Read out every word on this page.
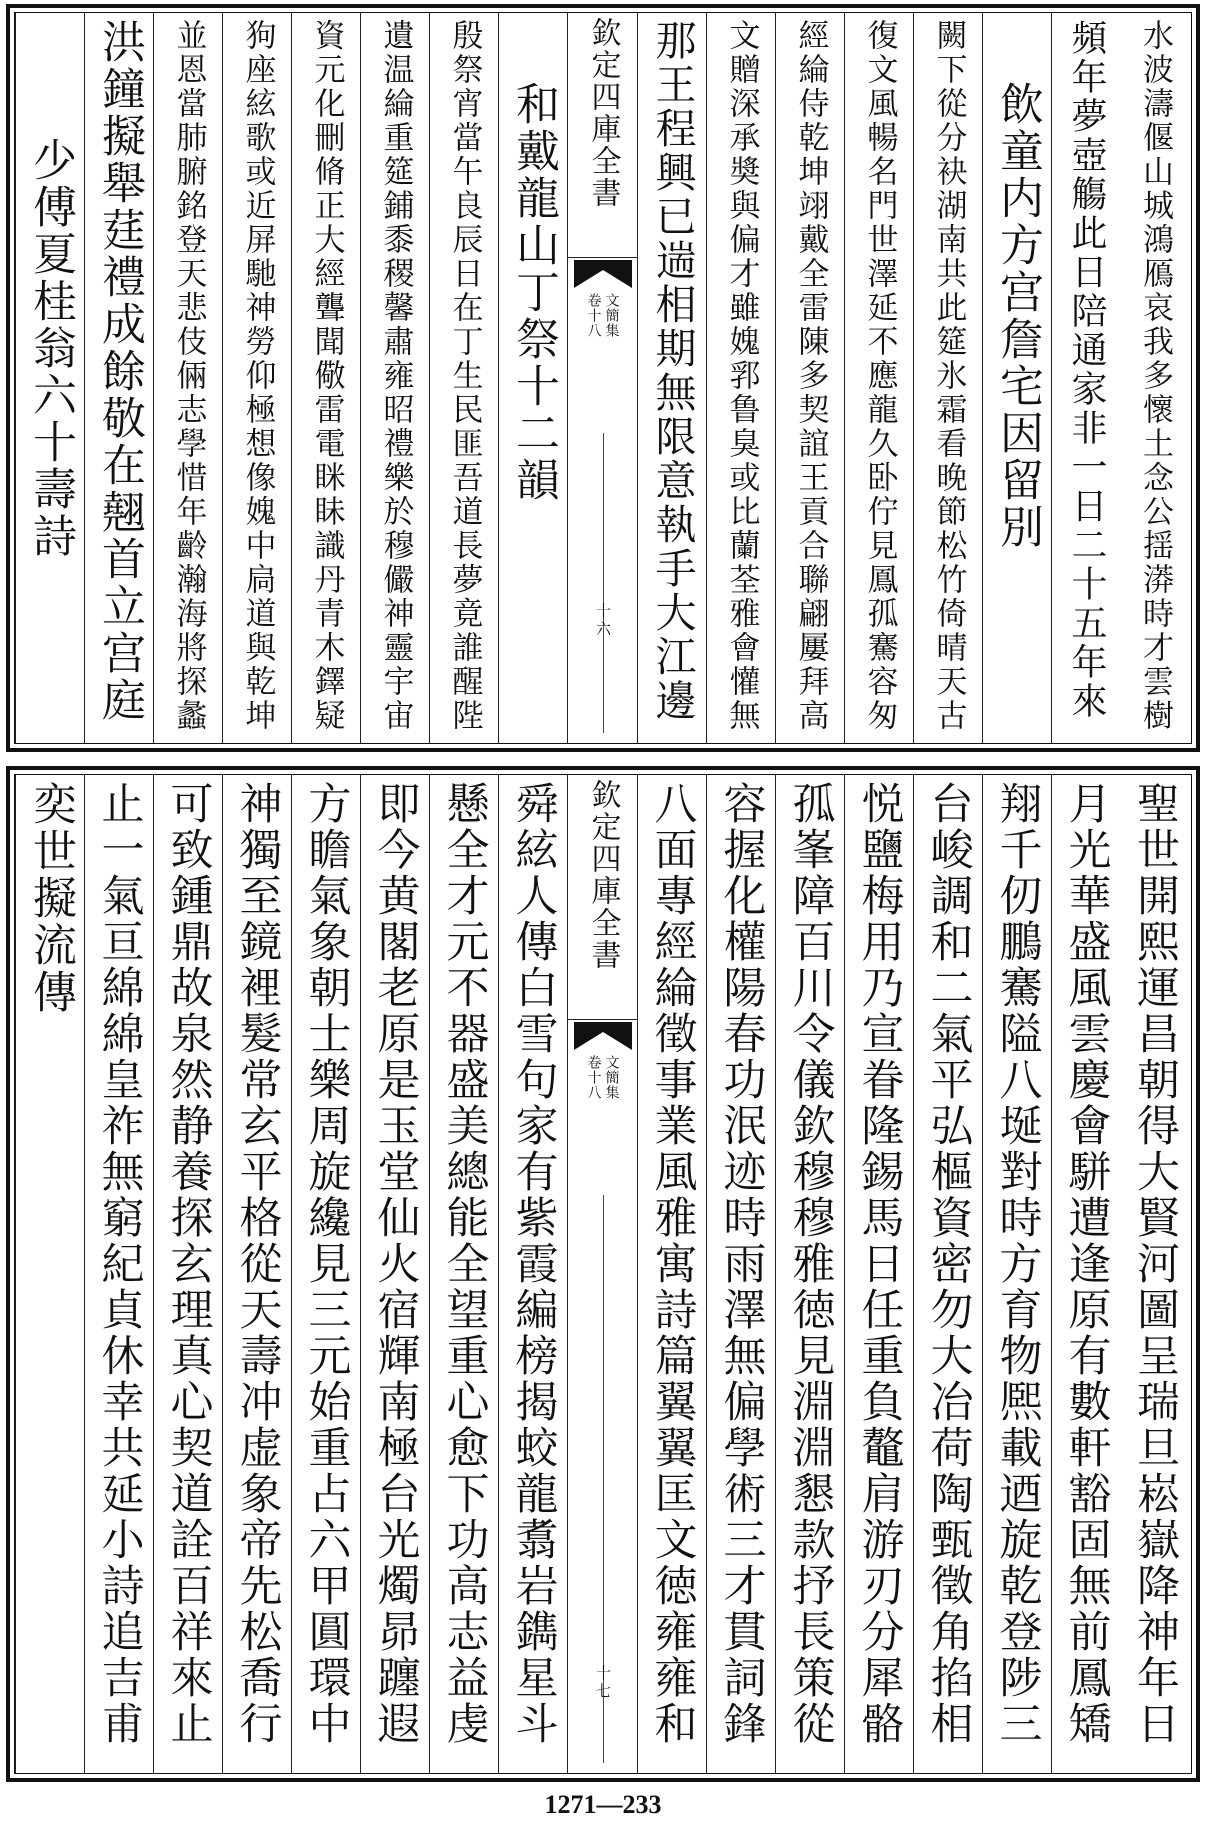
少傅夏桂翁六十壽詩 洪鐘擬舉莛禮成餘敬在翹首立宫庭 並恩當肺腑銘登天悲伎倆志學惜年齡瀚海將探蠡 狗座絃歌或近屏馳神勞仰極想像媿中扃道與乾坤 資元化刪脩正大經聾聞儆雷電眯眛識丹青木鐸疑 遺温綸重筵鋪黍稷馨肅雍昭禮樂於穆儼神靈宇宙 殷祭宵當午良辰日在丁生民匪吾道長夢竟誰醒陛 和戴龍山丁祭十二韻 欽定四庫全書
卷十八 文簡集
十六 那王程興已遄相期無限意執手大江邊 文贈深承奬與偏才雖媿郛鲁臭或比蘭荃雅會懽無 經綸侍乾坤翊戴全雷陳多契誼王貢合聯翩屢拜高 復文風暢名門世澤延不應龍久卧佇見鳳孤騫容匆 闕下從分袂湖南共此筵氷霜看晚節松竹倚晴天古 飲童内方宫詹宅因留別 頻年夢壺觴此日陪通家非一日二十五年來 水波濤偃山城鴻鴈哀我多懷土念公揺漭時才雲樹
奕世擬流傳 止一氣亘綿綿皇祚無窮紀貞休幸共延小詩追吉甫 可致鍾鼎故泉然静養探玄理真心契道詮百祥來止 神獨至鏡裡髮常玄平格從天壽冲虚象帝先松喬行 方瞻氣象朝士樂周旋纔見三元始重占六甲圓環中 即今黄閣老原是玉堂仙火宿輝南極台光燭昴躔遐 懸全才元不器盛美總能全望重心愈下功高志益虔 舜絃人傳白雪句家有紫霞編榜揭蛟龍翥岩鐫星斗 欽定四庫全書
卷十八 文簡集
十七 八面專經綸徵事業風雅寓詩篇翼翼匡文徳雍雍和 容握化權陽春功泯迹時雨澤無偏學術三才貫詞鋒 孤峯障百川令儀欽穆穆雅徳見淵淵懇款抒長策從 悦鹽梅用乃宣眷隆錫馬日任重負鼇肩游刃分犀骼 台峻調和二氣平弘樞資密勿大冶荷陶甄徵角掐相 翔千仞鵬騫隘八埏對時方育物熈載迺旋乾登陟三 月光華盛風雲慶會駢遭逢原有數軒豁固無前鳳矯 聖世開熙運昌朝得大賢河圖呈瑞旦崧嶽降神年日
1271—233
